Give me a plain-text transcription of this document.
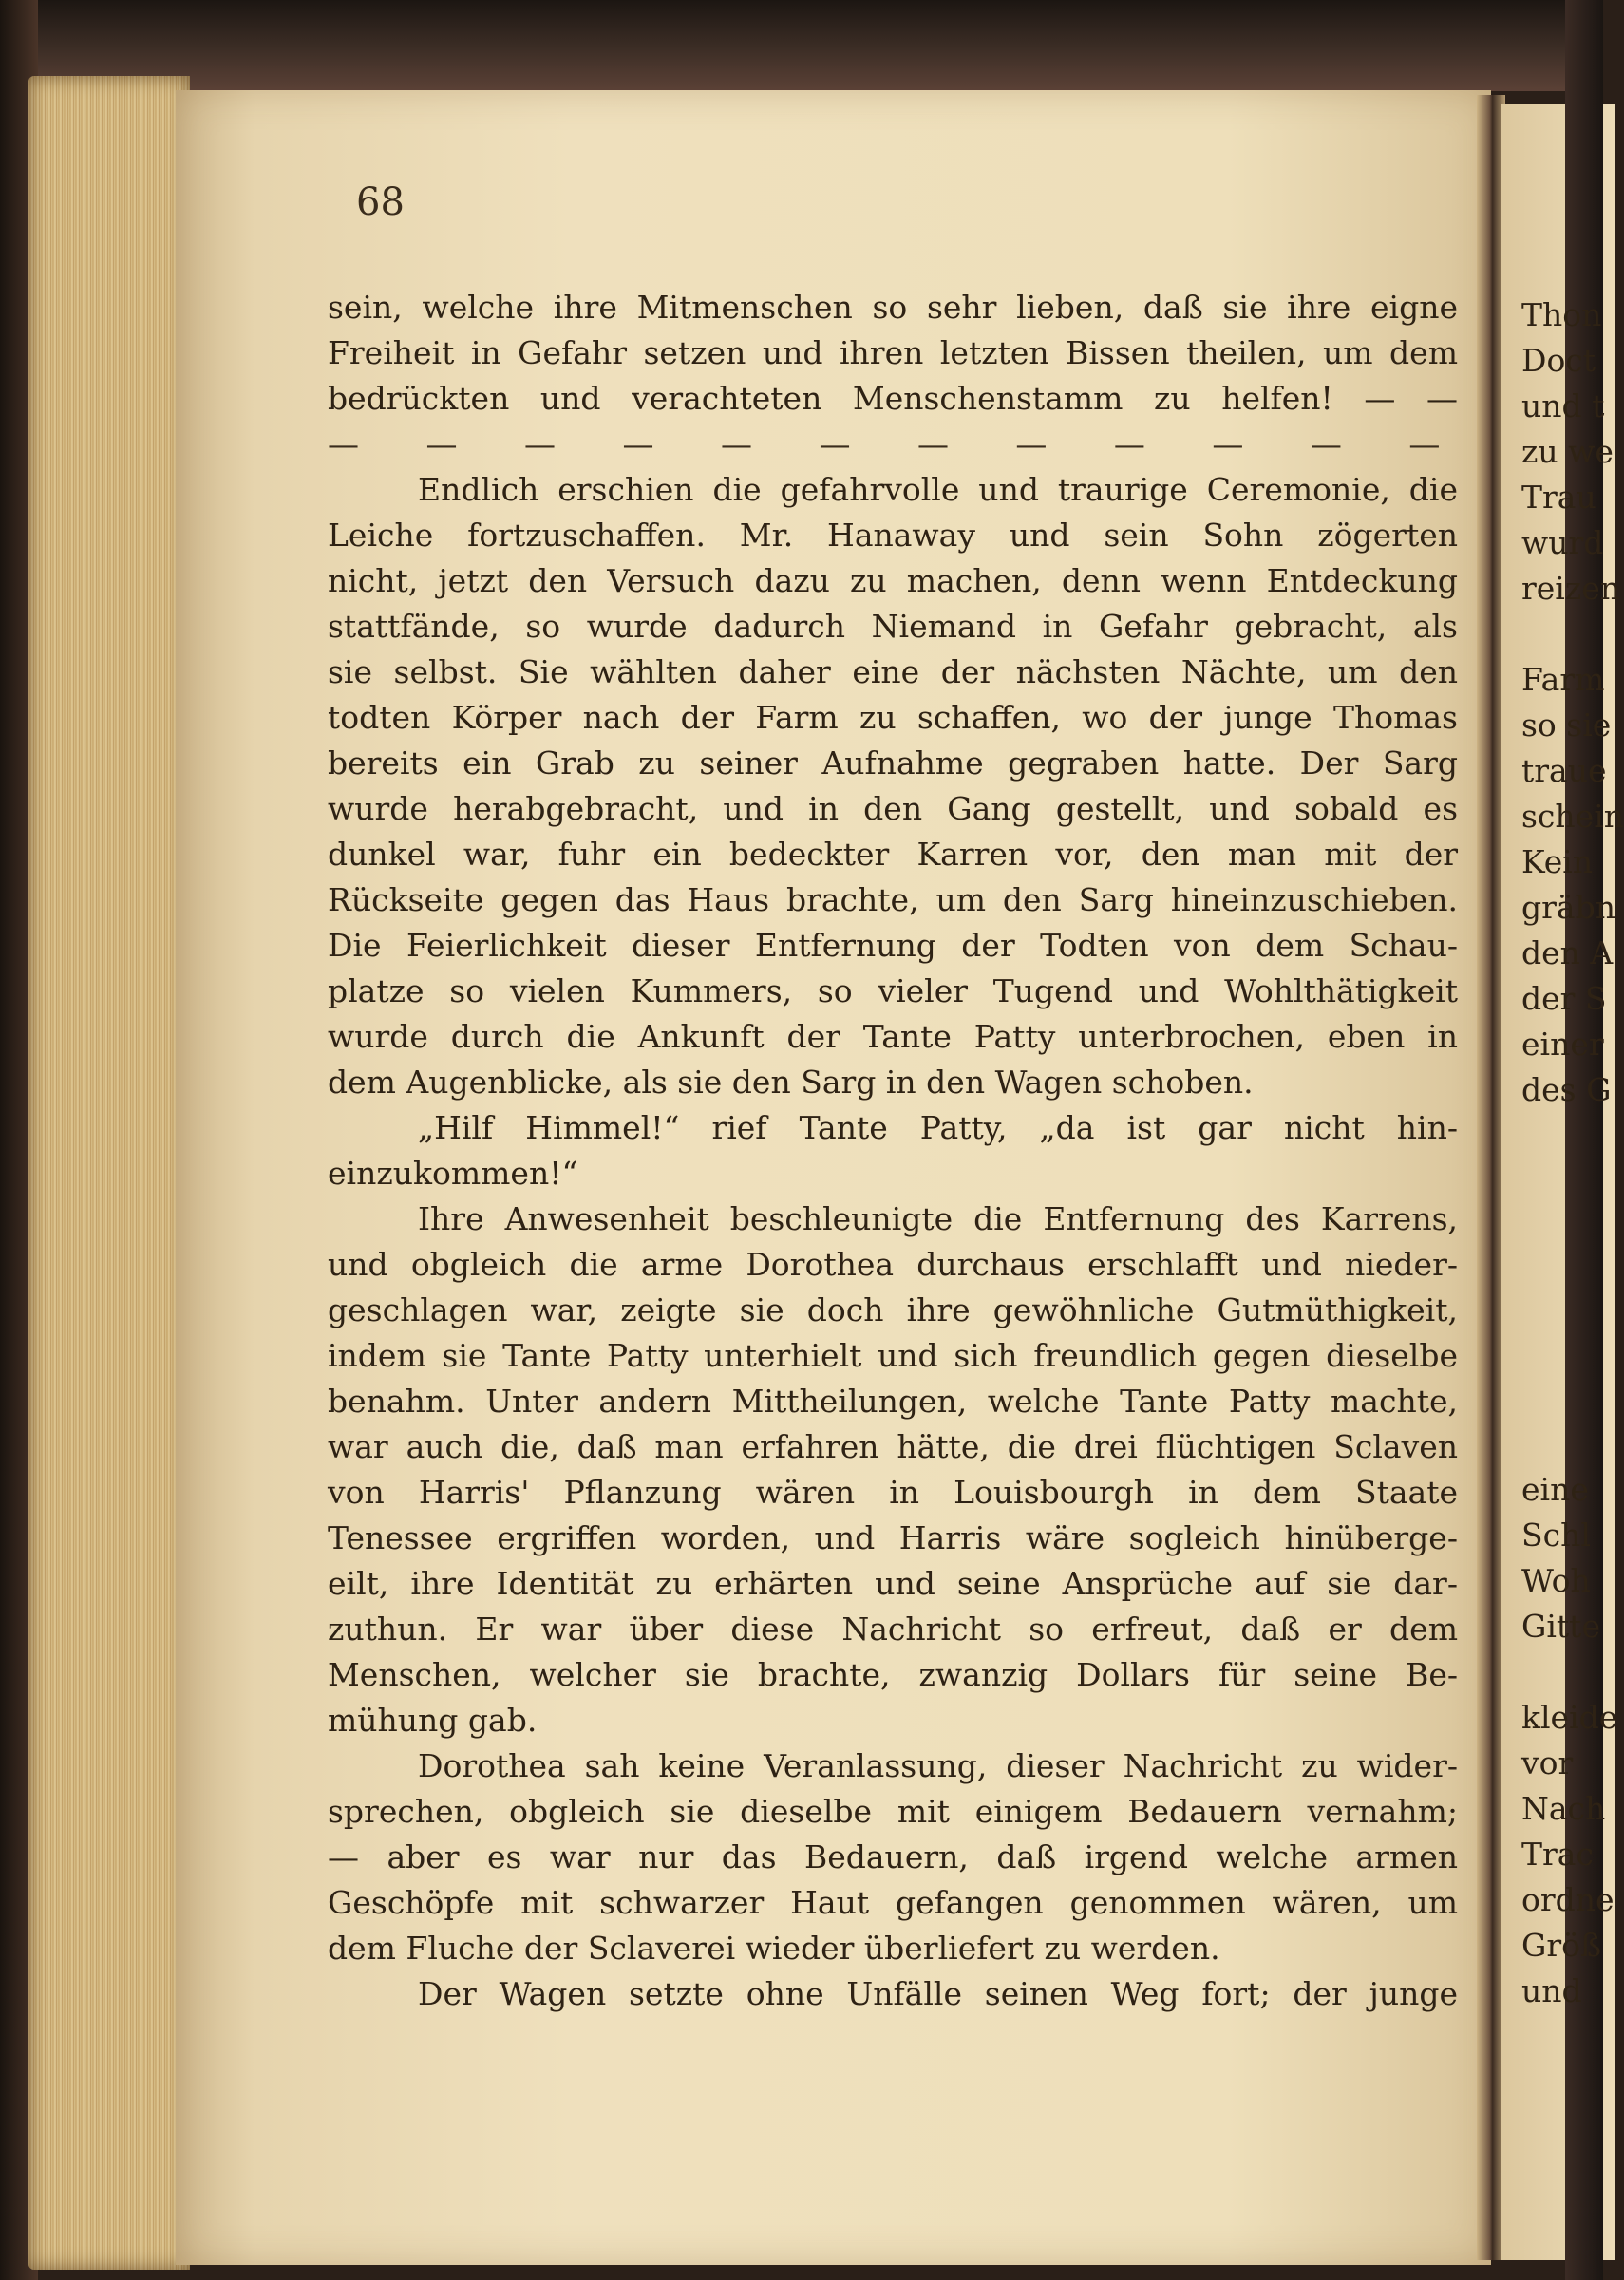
68
sein, welche ihre Mitmenschen so sehr lieben, daß sie ihre eigne
Freiheit in Gefahr setzen und ihren letzten Bissen theilen, um dem
bedrückten und verachteten Menschenstamm zu helfen! — —
— — — — — — — — — — — —
Endlich erschien die gefahrvolle und traurige Ceremonie, die
Leiche fortzuschaffen. Mr. Hanaway und sein Sohn zögerten
nicht, jetzt den Versuch dazu zu machen, denn wenn Entdeckung
stattfände, so wurde dadurch Niemand in Gefahr gebracht, als
sie selbst. Sie wählten daher eine der nächsten Nächte, um den
todten Körper nach der Farm zu schaffen, wo der junge Thomas
bereits ein Grab zu seiner Aufnahme gegraben hatte. Der Sarg
wurde herabgebracht, und in den Gang gestellt, und sobald es
dunkel war, fuhr ein bedeckter Karren vor, den man mit der
Rückseite gegen das Haus brachte, um den Sarg hineinzuschieben.
Die Feierlichkeit dieser Entfernung der Todten von dem Schau-
platze so vielen Kummers, so vieler Tugend und Wohlthätigkeit
wurde durch die Ankunft der Tante Patty unterbrochen, eben in
dem Augenblicke, als sie den Sarg in den Wagen schoben.
„Hilf Himmel!“ rief Tante Patty, „da ist gar nicht hin-
einzukommen!“
Ihre Anwesenheit beschleunigte die Entfernung des Karrens,
und obgleich die arme Dorothea durchaus erschlafft und nieder-
geschlagen war, zeigte sie doch ihre gewöhnliche Gutmüthigkeit,
indem sie Tante Patty unterhielt und sich freundlich gegen dieselbe
benahm. Unter andern Mittheilungen, welche Tante Patty machte,
war auch die, daß man erfahren hätte, die drei flüchtigen Sclaven
von Harris' Pflanzung wären in Louisbourgh in dem Staate
Tenessee ergriffen worden, und Harris wäre sogleich hinüberge-
eilt, ihre Identität zu erhärten und seine Ansprüche auf sie dar-
zuthun. Er war über diese Nachricht so erfreut, daß er dem
Menschen, welcher sie brachte, zwanzig Dollars für seine Be-
mühung gab.
Dorothea sah keine Veranlassung, dieser Nachricht zu wider-
sprechen, obgleich sie dieselbe mit einigem Bedauern vernahm;
— aber es war nur das Bedauern, daß irgend welche armen
Geschöpfe mit schwarzer Haut gefangen genommen wären, um
dem Fluche der Sclaverei wieder überliefert zu werden.
Der Wagen setzte ohne Unfälle seinen Weg fort; der junge
Thon
Doct
und t
zu we
Trau
wurd
reizen
Farm
so sie
traue
schein
Kein
gräbn
den A
der S
einer
des G
eine
Schl
Woh
Gitte
kleide
vor
Nach
Trac
ordne
Größ
und
